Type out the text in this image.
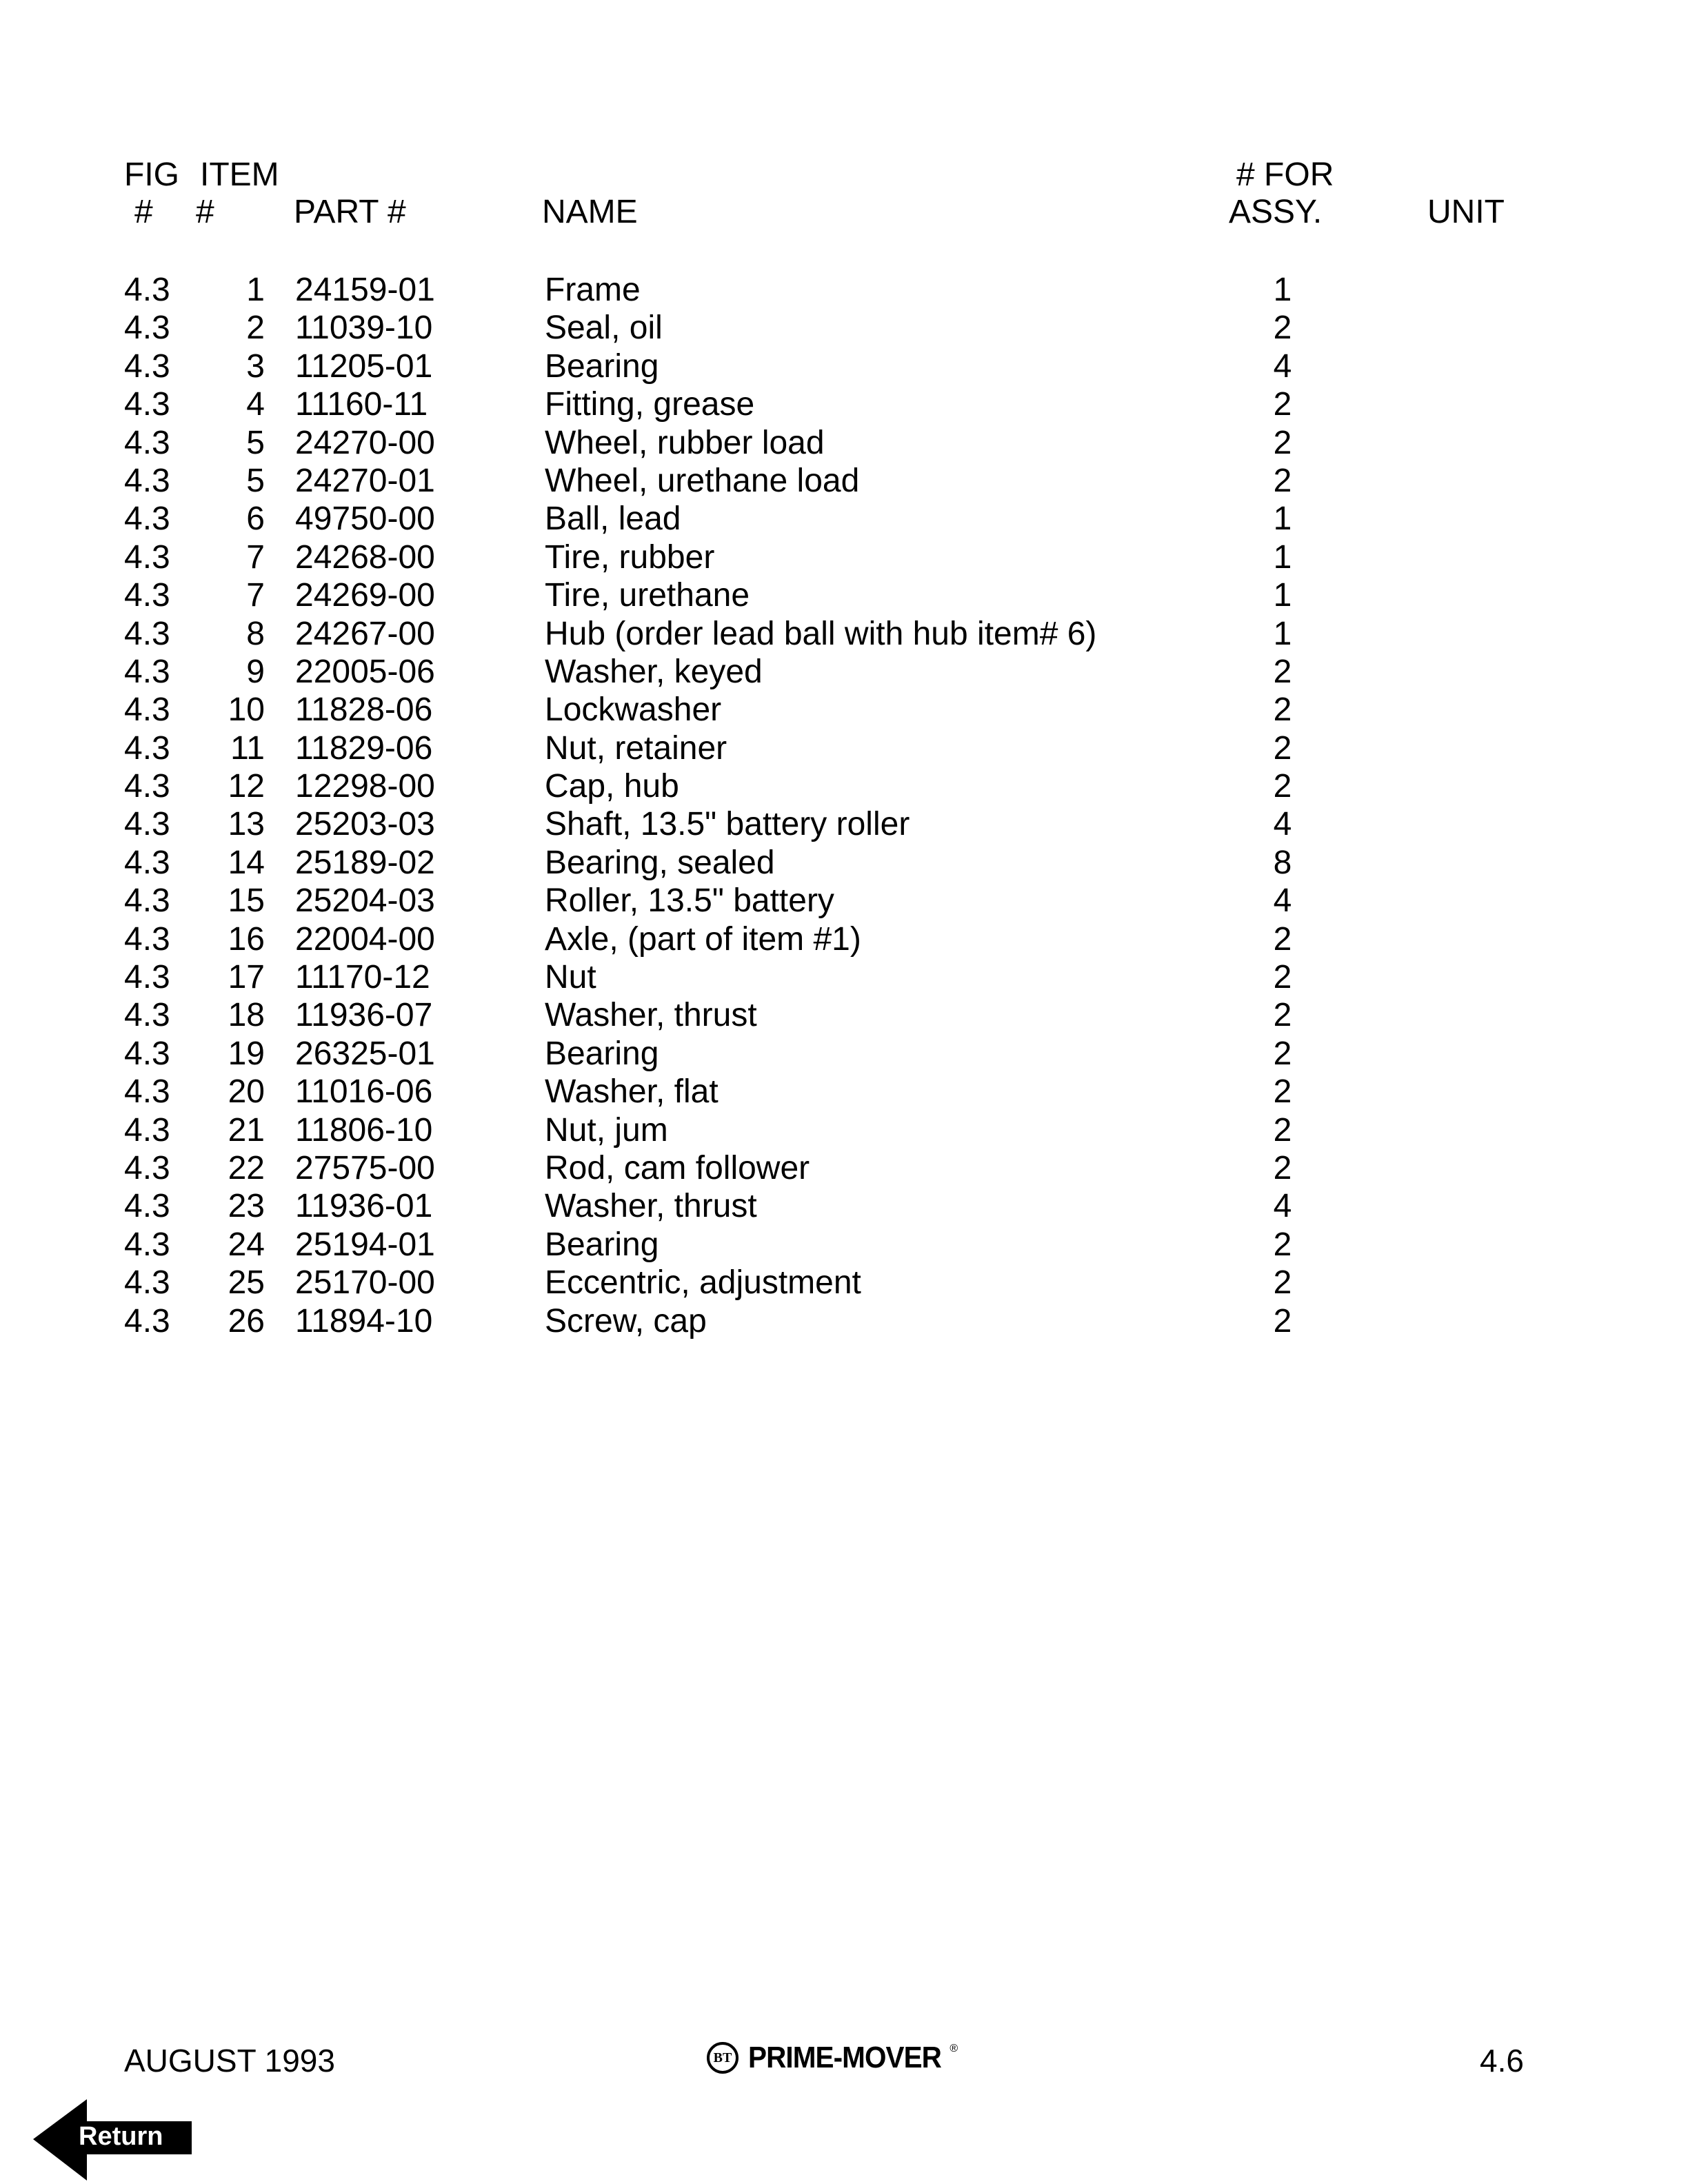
FIG ITEM	# FOR
# # PART #	NAME	ASSY.	UNIT
4.3	1 24159-01	Frame	1
4.3	2 11039-10	Seal, oil	2
4.3	3 11205-01	Bearing	4
4.3	4 11160-11	Fitting, grease	2
4.3	5 24270-00	Wheel, rubber load	2
4.3	5 24270-01	Wheel, urethane load	2
4.3	6 49750-00	Ball, lead	1
4.3	7 24268-00	Tire, rubber	1
4.3	7 24269-00	Tire, urethane	1
4.3	8 24267-00	Hub (order lead ball with hub item# 6)	1
4.3	9 22005-06	Washer, keyed	2
4.3	10 11828-06	Lockwasher	2
4.3	11 11829-06	Nut, retainer	2
4.3	12 12298-00	Cap, hub	2
4.3	13 25203-03	Shaft, 13.5" battery roller	4
4.3	14 25189-02	Bearing, sealed	8
4.3	15 25204-03	Roller, 13.5" battery	4
4.3	16 22004-00	Axle, (part of item #1)	2
4.3	17 11170-12	Nut	2
4.3	18 11936-07	Washer, thrust	2
4.3	19 26325-01	Bearing	2
4.3	20 11016-06	Washer, flat	2
4.3	21 11806-10	Nut, jum	2
4.3	22 27575-00	Rod, cam follower	2
4.3	23 11936-01	Washer, thrust	4
4.3	24 25194-01	Bearing	2
4.3	25 25170-00	Eccentric, adjustment	2
4.3	26 11894-10	Screw, cap	2
AUGUST 1993	BT PRIME-MOVER ®	4.6
Return
